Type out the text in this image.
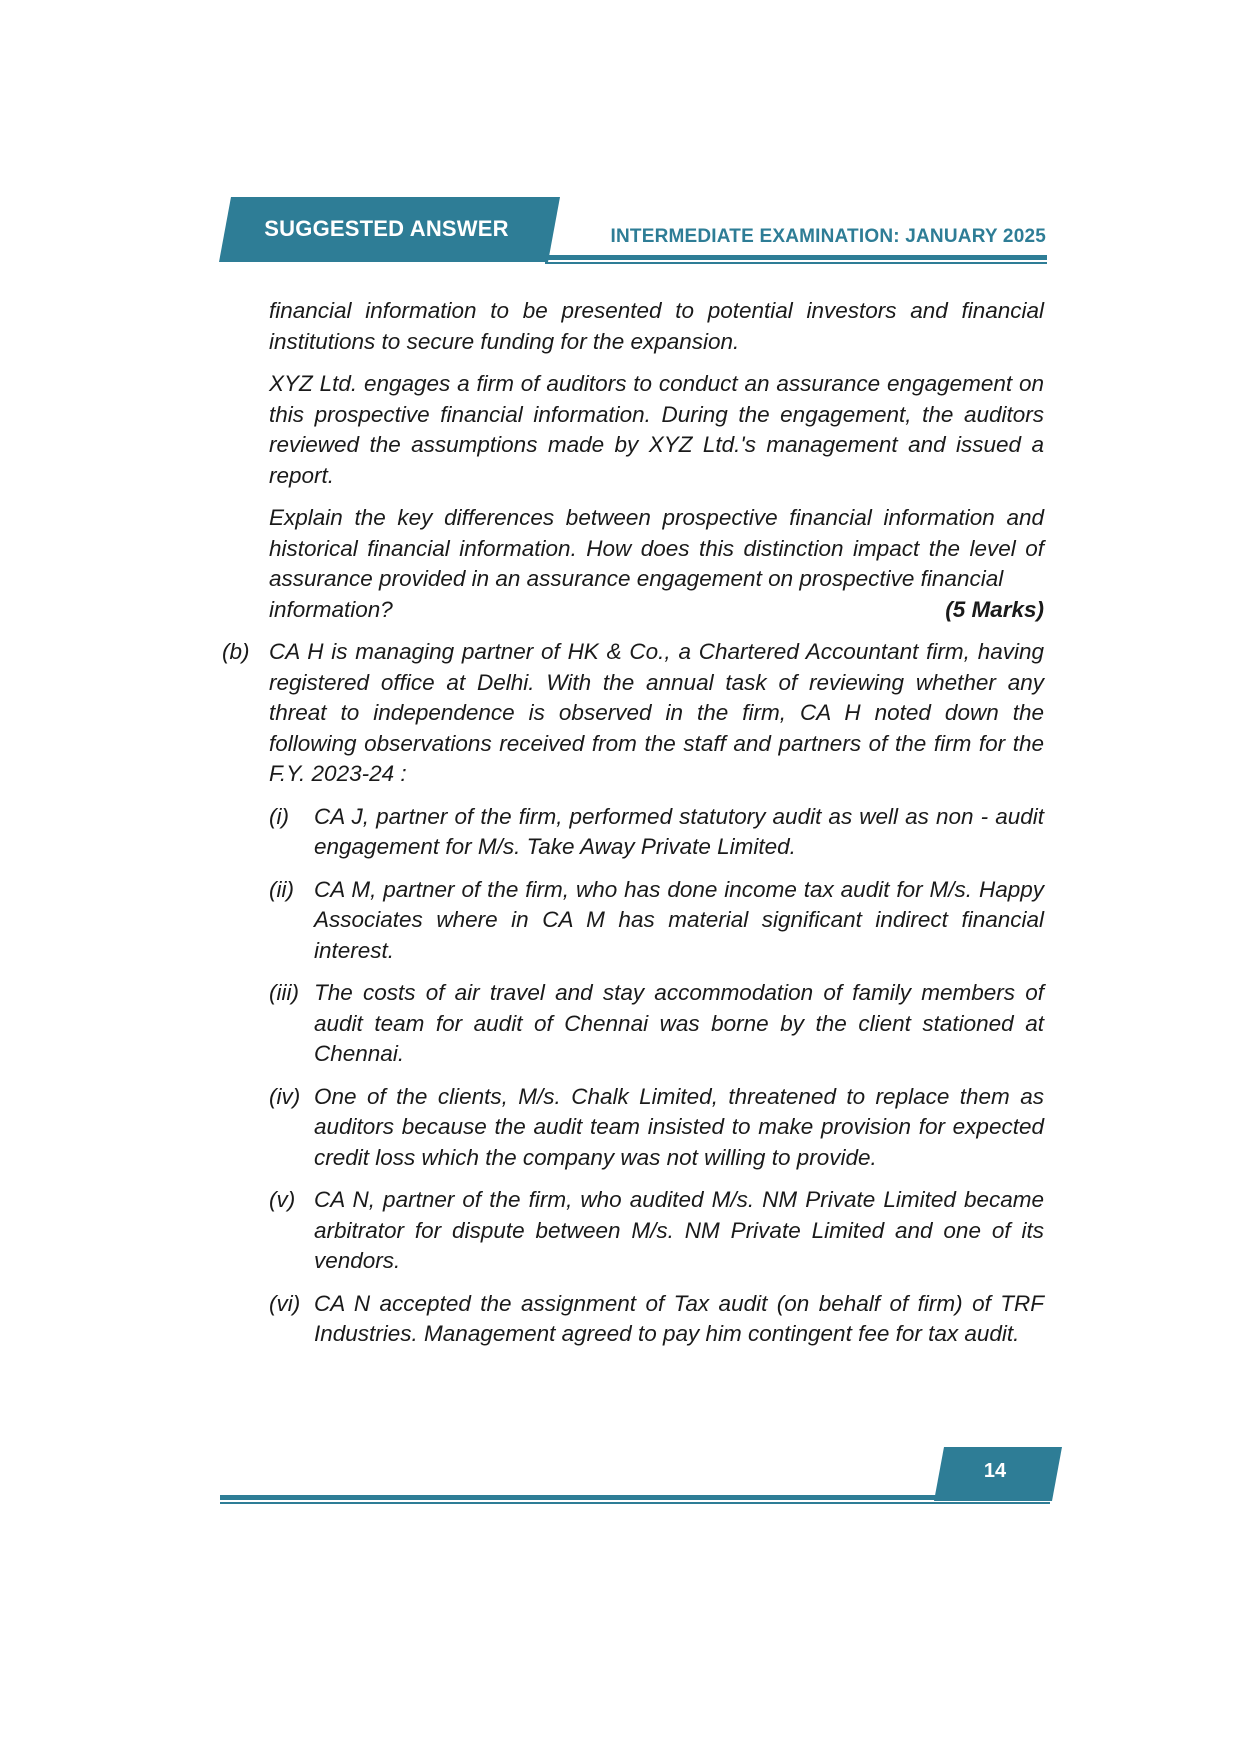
SUGGESTED ANSWER	INTERMEDIATE EXAMINATION: JANUARY 2025

financial information to be presented to potential investors and financial institutions to secure funding for the expansion.

XYZ Ltd. engages a firm of auditors to conduct an assurance engagement on this prospective financial information. During the engagement, the auditors reviewed the assumptions made by XYZ Ltd.'s management and issued a report.

Explain the key differences between prospective financial information and historical financial information. How does this distinction impact the level of assurance provided in an assurance engagement on prospective financial
information?	(5 Marks)
(b) CA H is managing partner of HK & Co., a Chartered Accountant firm, having registered office at Delhi. With the annual task of reviewing whether any threat to independence is observed in the firm, CA H noted down the following observations received from the staff and partners of the firm for the F.Y. 2023-24 :

(i)	CA J, partner of the firm, performed statutory audit as well as non - audit engagement for M/s. Take Away Private Limited.
(ii) CA M, partner of the firm, who has done income tax audit for M/s. Happy Associates where in CA M has material significant indirect financial interest.
(iii) The costs of air travel and stay accommodation of family members of audit team for audit of Chennai was borne by the client stationed at Chennai.
(iv) One of the clients, M/s. Chalk Limited, threatened to replace them as auditors because the audit team insisted to make provision for expected credit loss which the company was not willing to provide.
(v) CA N, partner of the firm, who audited M/s. NM Private Limited became arbitrator for dispute between M/s. NM Private Limited and one of its vendors.
(vi) CA N accepted the assignment of Tax audit (on behalf of firm) of TRF Industries. Management agreed to pay him contingent fee for tax audit.
14
